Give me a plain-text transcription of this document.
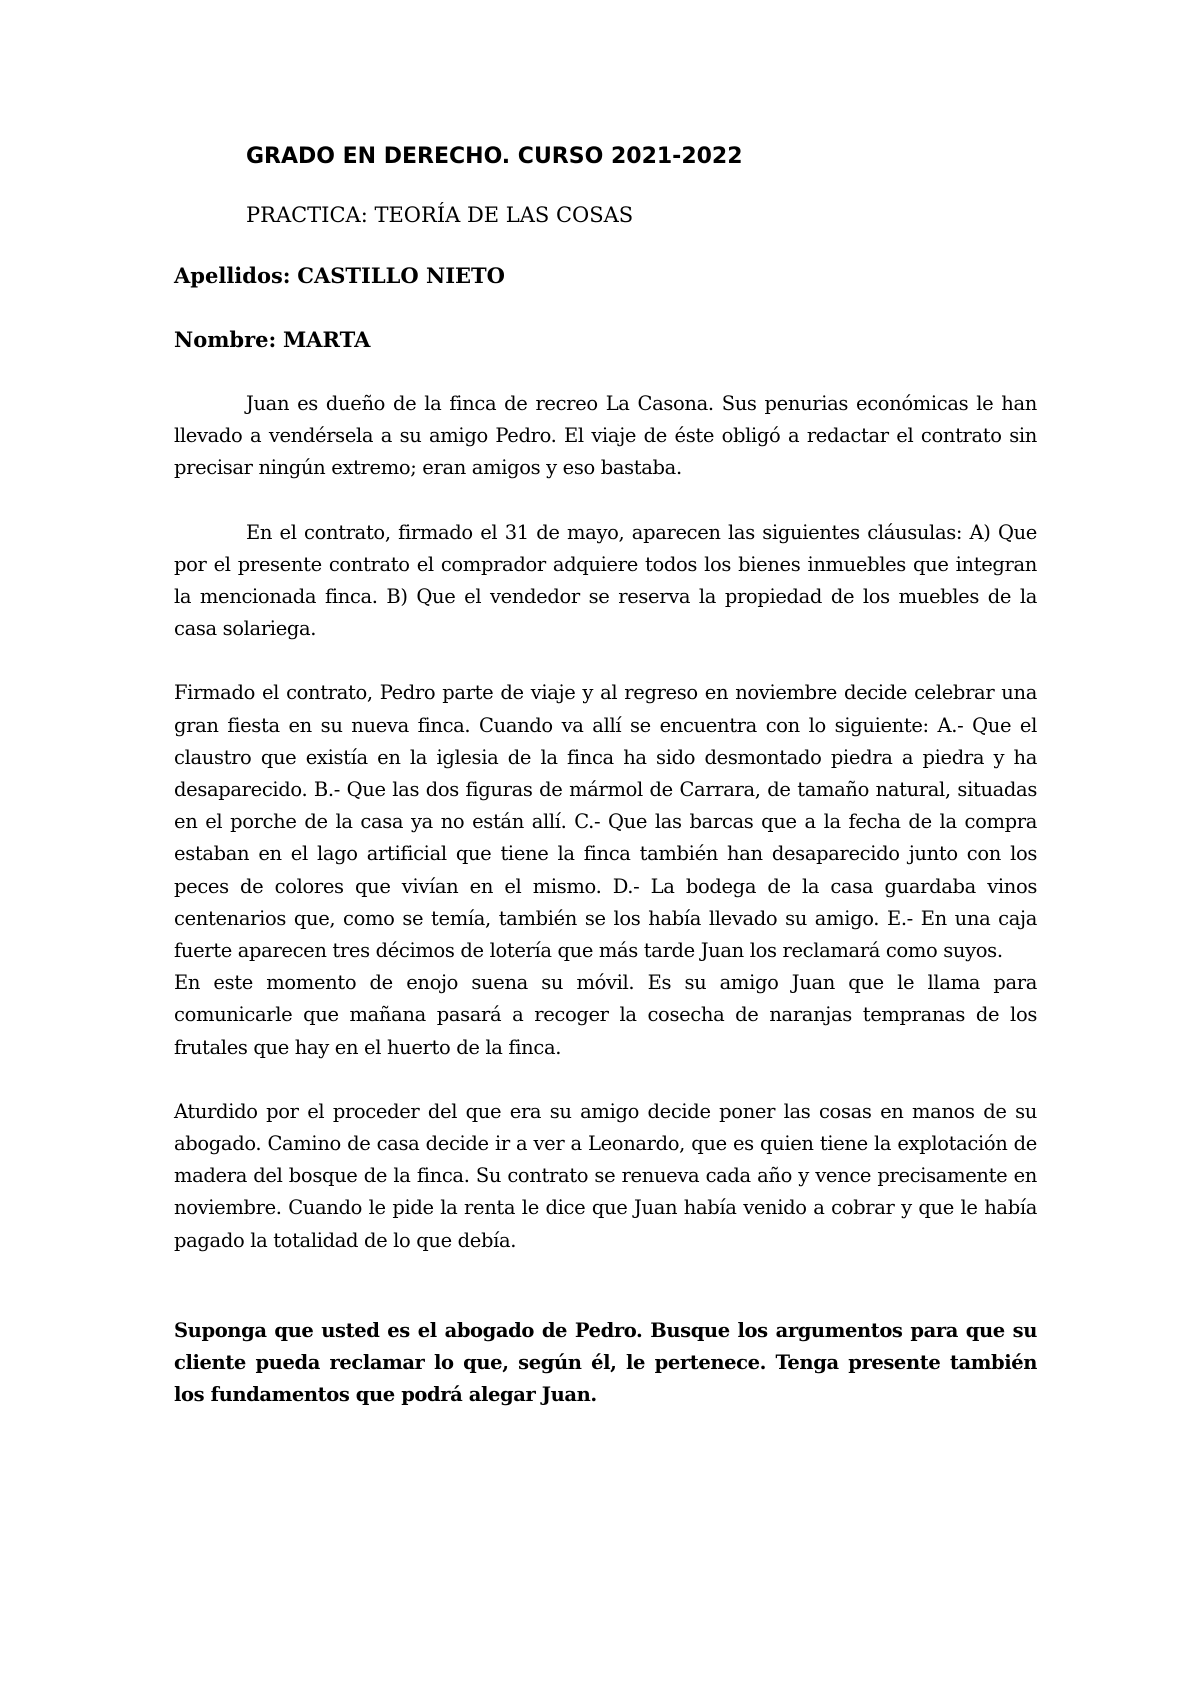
GRADO EN DERECHO. CURSO 2021-2022
PRACTICA: TEORÍA DE LAS COSAS
Apellidos: CASTILLO NIETO
Nombre: MARTA

Juan es dueño de la finca de recreo La Casona. Sus penurias económicas le han llevado a vendérsela a su amigo Pedro. El viaje de éste obligó a redactar el contrato sin precisar ningún extremo; eran amigos y eso bastaba.

En el contrato, firmado el 31 de mayo, aparecen las siguientes cláusulas: A) Que por el presente contrato el comprador adquiere todos los bienes inmuebles que integran la mencionada finca. B) Que el vendedor se reserva la propiedad de los muebles de la casa solariega.

Firmado el contrato, Pedro parte de viaje y al regreso en noviembre decide celebrar una gran fiesta en su nueva finca. Cuando va allí se encuentra con lo siguiente: A.- Que el claustro que existía en la iglesia de la finca ha sido desmontado piedra a piedra y ha desaparecido. B.- Que las dos figuras de mármol de Carrara, de tamaño natural, situadas en el porche de la casa ya no están allí. C.- Que las barcas que a la fecha de la compra estaban en el lago artificial que tiene la finca también han desaparecido junto con los peces de colores que vivían en el mismo. D.- La bodega de la casa guardaba vinos centenarios que, como se temía, también se los había llevado su amigo. E.- En una caja fuerte aparecen tres décimos de lotería que más tarde Juan los reclamará como suyos.

En este momento de enojo suena su móvil. Es su amigo Juan que le llama para comunicarle que mañana pasará a recoger la cosecha de naranjas tempranas de los frutales que hay en el huerto de la finca.

Aturdido por el proceder del que era su amigo decide poner las cosas en manos de su abogado. Camino de casa decide ir a ver a Leonardo, que es quien tiene la explotación de madera del bosque de la finca. Su contrato se renueva cada año y vence precisamente en noviembre. Cuando le pide la renta le dice que Juan había venido a cobrar y que le había pagado la totalidad de lo que debía.

Suponga que usted es el abogado de Pedro. Busque los argumentos para que su cliente pueda reclamar lo que, según él, le pertenece. Tenga presente también los fundamentos que podrá alegar Juan.
